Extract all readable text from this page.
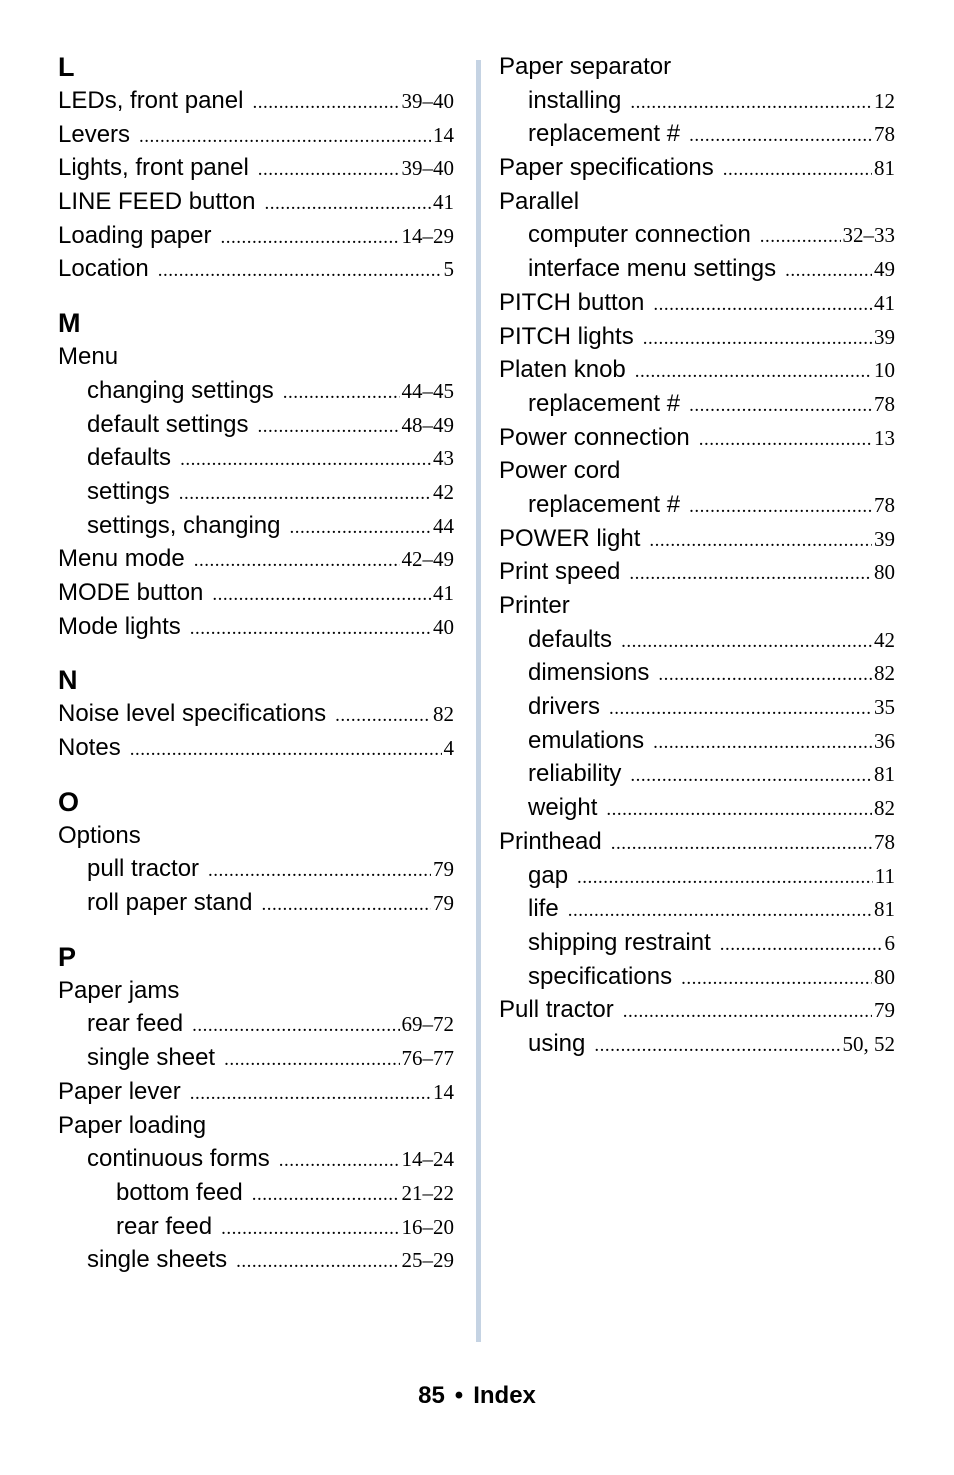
L
LEDs, front panel .....	39–40
Levers .....	14
Lights, front panel .....	39–40
LINE FEED button .....	41
Loading paper .....	14–29
Location .....	5
M
Menu
changing settings .....	44–45
default settings .....	48–49
defaults .....	43
settings .....	42
settings, changing .....	44
Menu mode .....	42–49
MODE button .....	41
Mode lights .....	40
N
Noise level specifications .....	82
Notes .....	4
O
Options
pull tractor .....	79
roll paper stand .....	79
P
Paper jams
rear feed .....	69–72
single sheet .....	76–77
Paper lever .....	14
Paper loading
continuous forms .....	14–24
bottom feed .....	21–22
rear feed .....	16–20
single sheets .....	25–29
Paper separator
installing .....	12
replacement # .....	78
Paper specifications .....	81
Parallel
computer connection .....	32–33
interface menu settings .....	49
PITCH button .....	41
PITCH lights .....	39
Platen knob .....	10
replacement # .....	78
Power connection .....	13
Power cord
replacement # .....	78
POWER light .....	39
Print speed .....	80
Printer
defaults .....	42
dimensions .....	82
drivers .....	35
emulations .....	36
reliability .....	81
weight .....	82
Printhead .....	78
gap .....	11
life .....	81
shipping restraint .....	6
specifications .....	80
Pull tractor .....	79
using .....	50, 52
85 • Index
